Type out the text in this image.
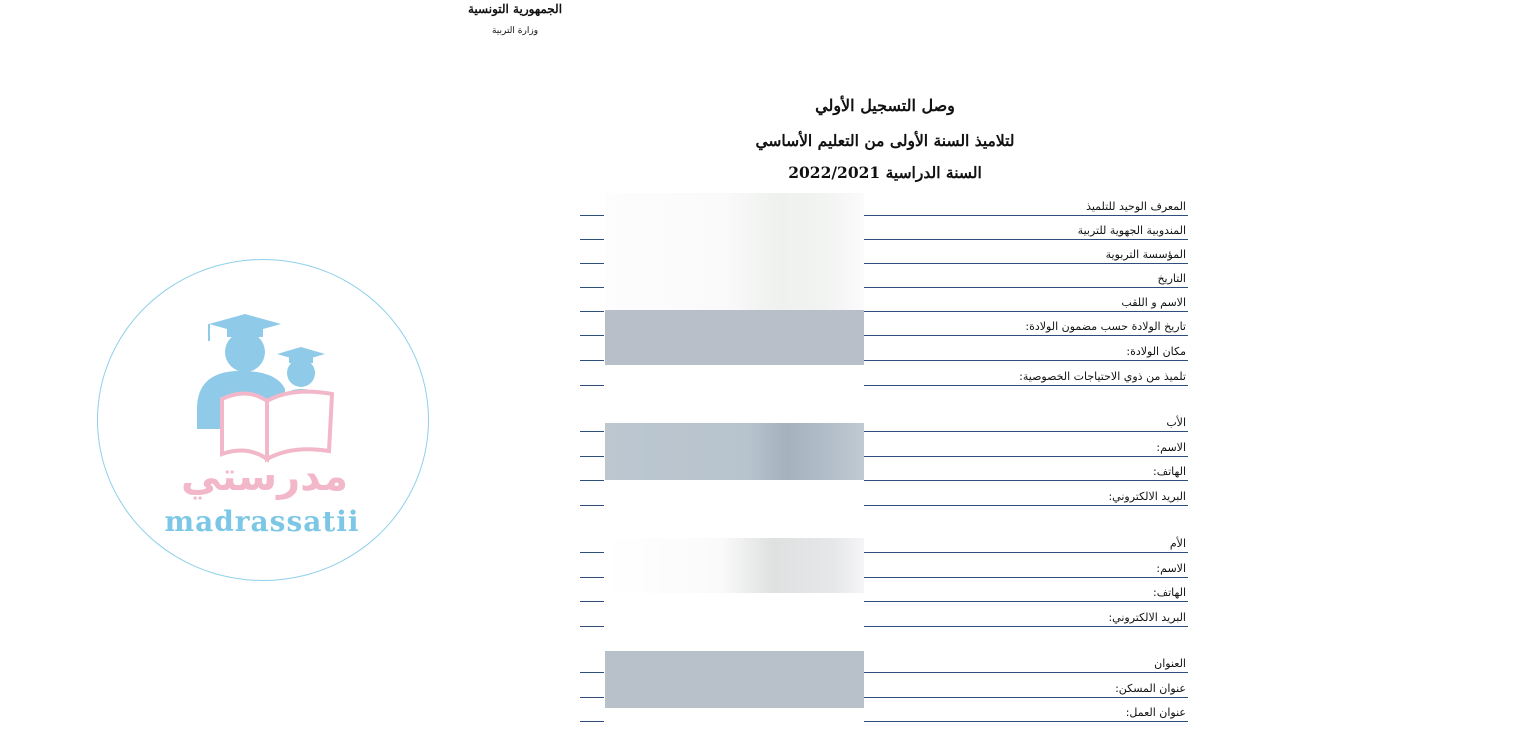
الجمهورية التونسية
وزارة التربية
وصل التسجيل الأولي
لتلاميذ السنة الأولى من التعليم الأساسي
السنة الدراسية 2022/2021
المعرف الوحيد للتلميذ
المندوبية الجهوية للتربية
المؤسسة التربوية
التاريخ
الاسم و اللقب
تاريخ الولادة حسب مضمون الولادة:
مكان الولادة:
تلميذ من ذوي الاحتياجات الخصوصية:
الأب
الاسم:
الهاتف:
البريد الالكتروني:
الأم
الاسم:
الهاتف:
البريد الالكتروني:
العنوان
عنوان المسكن:
عنوان العمل:
مدرستي
madrassatii
